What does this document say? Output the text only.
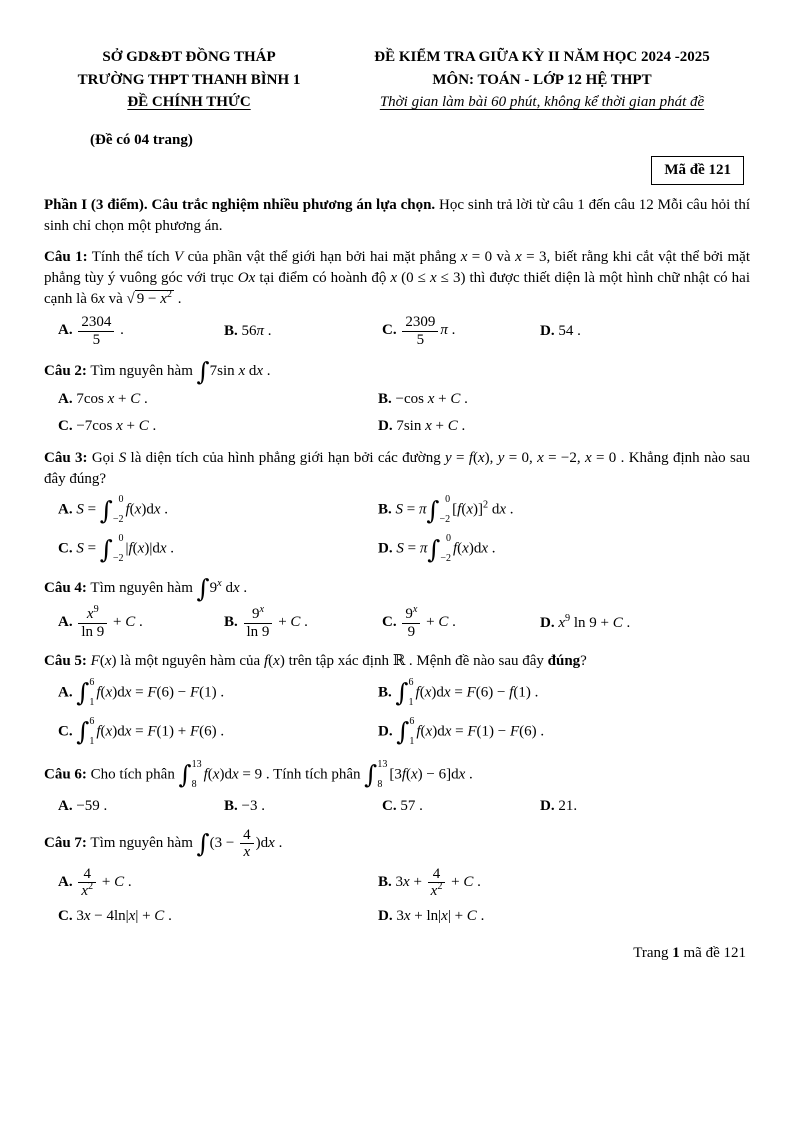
SỞ GD&ĐT ĐỒNG THÁP
TRƯỜNG THPT THANH BÌNH 1
ĐỀ CHÍNH THỨC
ĐỀ KIỂM TRA GIỮA KỲ II NĂM HỌC 2024 -2025
MÔN: TOÁN - LỚP 12 HỆ THPT
Thời gian làm bài 60 phút, không kể thời gian phát đề
(Đề có 04 trang)
Mã đề 121

Phần I (3 điểm). Câu trắc nghiệm nhiều phương án lựa chọn. Học sinh trả lời từ câu 1 đến câu 12 Mỗi câu hỏi thí sinh chỉ chọn một phương án.

Câu 1: Tính thể tích V của phần vật thể giới hạn bởi hai mặt phẳng x = 0 và x = 3, biết rằng khi cắt vật thể bởi mặt phẳng tùy ý vuông góc với trục Ox tại điểm có hoành độ x (0 ≤ x ≤ 3) thì được thiết diện là một hình chữ nhật có hai cạnh là 6x và √ $9 - x^2$ .

A. $\frac{2304}{5}$ .	B. 56π .	C. $\frac{2309}{5}$ π .	D. 54 .

Câu 2: Tìm nguyên hàm ∫7sin x dx .

A. 7cos x + C .	B. −cos x + C .
C. −7cos x + C .	D. 7sin x + C .

Câu 3: Gọi S là diện tích của hình phẳng giới hạn bởi các đường y = f(x), y = 0, x = −2, x = 0 . Khẳng định nào sau đây đúng?

A. S = ∫ 0
−2
f(x)dx .	B. S = π ∫ 0
−2
$[f(x)]^2$ dx .
C. S = ∫ 0
−2
|f(x)|dx .	D. S = π ∫ 0
−2
f(x)dx .

Câu 4: Tìm nguyên hàm ∫9$^x$ dx .

A. $\frac{x^9}{\ln 9} + C$ .	B. $\frac{9^x}{\ln 9} + C$ .	C. $\frac{9^x}{9} + C$ .	D. $x^9$ ln 9 + C .

Câu 5: F(x) là một nguyên hàm của f(x) trên tập xác định ℝ . Mệnh đề nào sau đây đúng?

A. ∫ 6
1
f(x)dx = F(6) − F(1) .	B. ∫ 6
1
f(x)dx = F(6) − f(1) .
C. ∫ 6
1
f(x)dx = F(1) + F(6) .	D. ∫ 6
1
f(x)dx = F(1) − F(6) .

Câu 6: Cho tích phân ∫ 13
8
f(x)dx = 9 . Tính tích phân ∫ 13
8
[3f(x) − 6]dx .

A. −59 .	B. −3 .	C. 57 .	D. 21.

Câu 7: Tìm nguyên hàm $\int(3 - \frac{4}{x} )dx$ .

A. $\frac{4}{x^2} + C$ .	B. $3x + \frac{4}{x^2} + C$ .
C. 3x − 4ln|x| + C .	D. 3x + ln|x| + C .
Trang 1 mã đề 121
